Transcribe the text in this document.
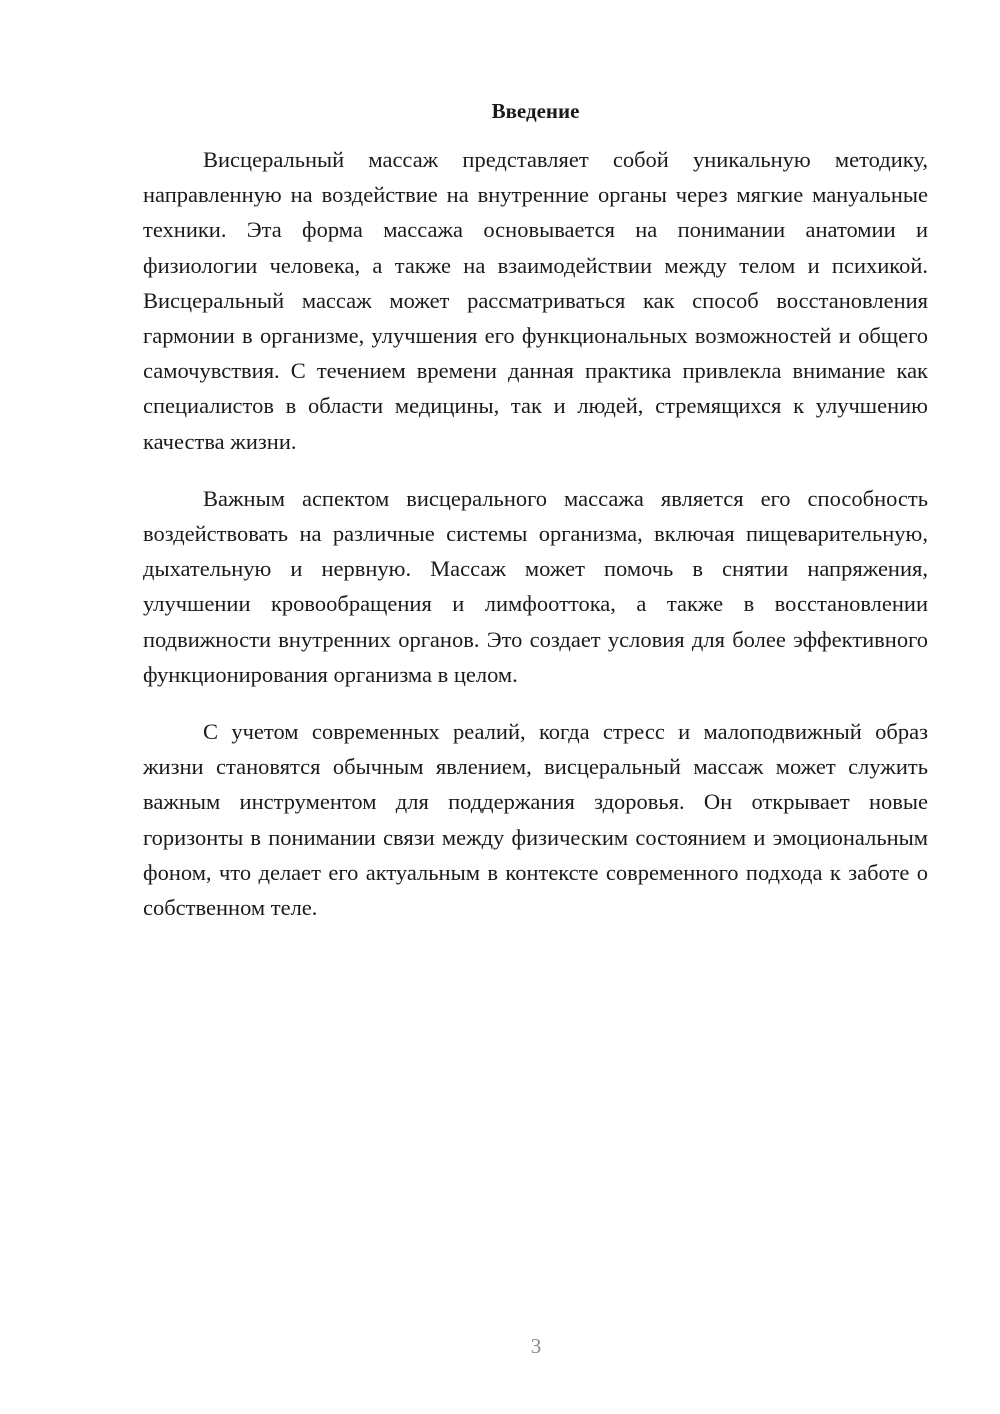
Введение

Висцеральный массаж представляет собой уникальную методику, направленную на воздействие на внутренние органы через мягкие мануальные техники. Эта форма массажа основывается на понимании анатомии и физиологии человека, а также на взаимодействии между телом и психикой. Висцеральный массаж может рассматриваться как способ восстановления гармонии в организме, улучшения его функциональных возможностей и общего самочувствия. С течением времени данная практика привлекла внимание как специалистов в области медицины, так и людей, стремящихся к улучшению качества жизни.

Важным аспектом висцерального массажа является его способность воздействовать на различные системы организма, включая пищеварительную, дыхательную и нервную. Массаж может помочь в снятии напряжения, улучшении кровообращения и лимфооттока, а также в восстановлении подвижности внутренних органов. Это создает условия для более эффективного функционирования организма в целом.

С учетом современных реалий, когда стресс и малоподвижный образ жизни становятся обычным явлением, висцеральный массаж может служить важным инструментом для поддержания здоровья. Он открывает новые горизонты в понимании связи между физическим состоянием и эмоциональным фоном, что делает его актуальным в контексте современного подхода к заботе о собственном теле.

3
